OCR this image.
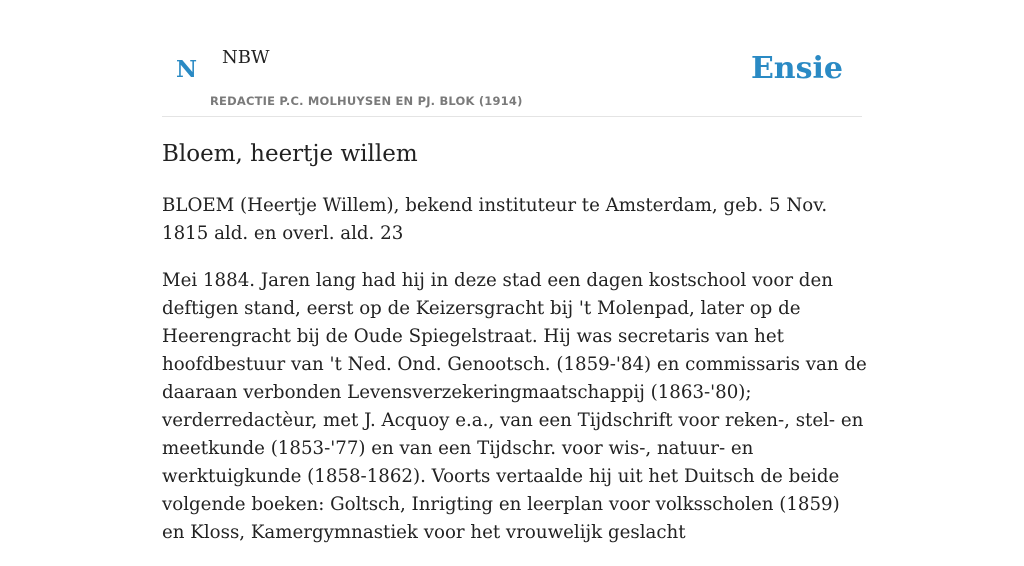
N NBW
REDACTIE P.C. MOLHUYSEN EN PJ. BLOK (1914)
Ensie
Bloem, heertje willem

BLOEM (Heertje Willem), bekend instituteur te Amsterdam, geb. 5 Nov. 1815 ald. en overl. ald. 23

Mei 1884. Jaren lang had hij in deze stad een dagen kostschool voor den deftigen stand, eerst op de Keizersgracht bij 't Molenpad, later op de Heerengracht bij de Oude Spiegelstraat. Hij was secretaris van het hoofdbestuur van 't Ned. Ond. Genootsch. (1859-'84) en commissaris van de daaraan verbonden Levensverzekeringmaatschappij (1863-'80); verderredactèur, met J. Acquoy e.a., van een Tijdschrift voor reken-, stel- en meetkunde (1853-'77) en van een Tijdschr. voor wis-, natuur- en werktuigkunde (1858-1862). Voorts vertaalde hij uit het Duitsch de beide volgende boeken: Goltsch, Inrigting en leerplan voor volksscholen (1859) en Kloss, Kamergymnastiek voor het vrouwelijk geslacht
